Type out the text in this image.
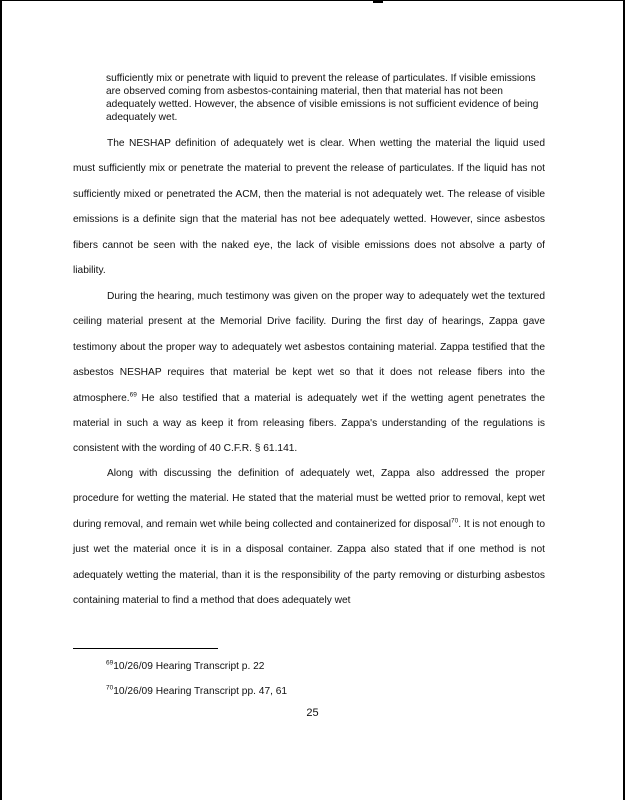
sufficiently mix or penetrate with liquid to prevent the release of particulates. If visible emissions are observed coming from asbestos-containing material, then that material has not been adequately wetted. However, the absence of visible emissions is not sufficient evidence of being adequately wet.

The NESHAP definition of adequately wet is clear. When wetting the material the liquid used must sufficiently mix or penetrate the material to prevent the release of particulates. If the liquid has not sufficiently mixed or penetrated the ACM, then the material is not adequately wet. The release of visible emissions is a definite sign that the material has not bee adequately wetted. However, since asbestos fibers cannot be seen with the naked eye, the lack of visible emissions does not absolve a party of liability.

During the hearing, much testimony was given on the proper way to adequately wet the textured ceiling material present at the Memorial Drive facility. During the first day of hearings, Zappa gave testimony about the proper way to adequately wet asbestos containing material. Zappa testified that the asbestos NESHAP requires that material be kept wet so that it does not release fibers into the atmosphere.$^{69}$ He also testified that a material is adequately wet if the wetting agent penetrates the material in such a way as keep it from releasing fibers. Zappa's understanding of the regulations is consistent with the wording of 40 C.F.R. § 61.141.

Along with discussing the definition of adequately wet, Zappa also addressed the proper procedure for wetting the material. He stated that the material must be wetted prior to removal, kept wet during removal, and remain wet while being collected and containerized for disposal$^{70}$. It is not enough to just wet the material once it is in a disposal container. Zappa also stated that if one method is not adequately wetting the material, than it is the responsibility of the party removing or disturbing asbestos containing material to find a method that does adequately wet

$^{69}$10/26/09 Hearing Transcript p. 22

$^{70}$10/26/09 Hearing Transcript pp. 47, 61

25
